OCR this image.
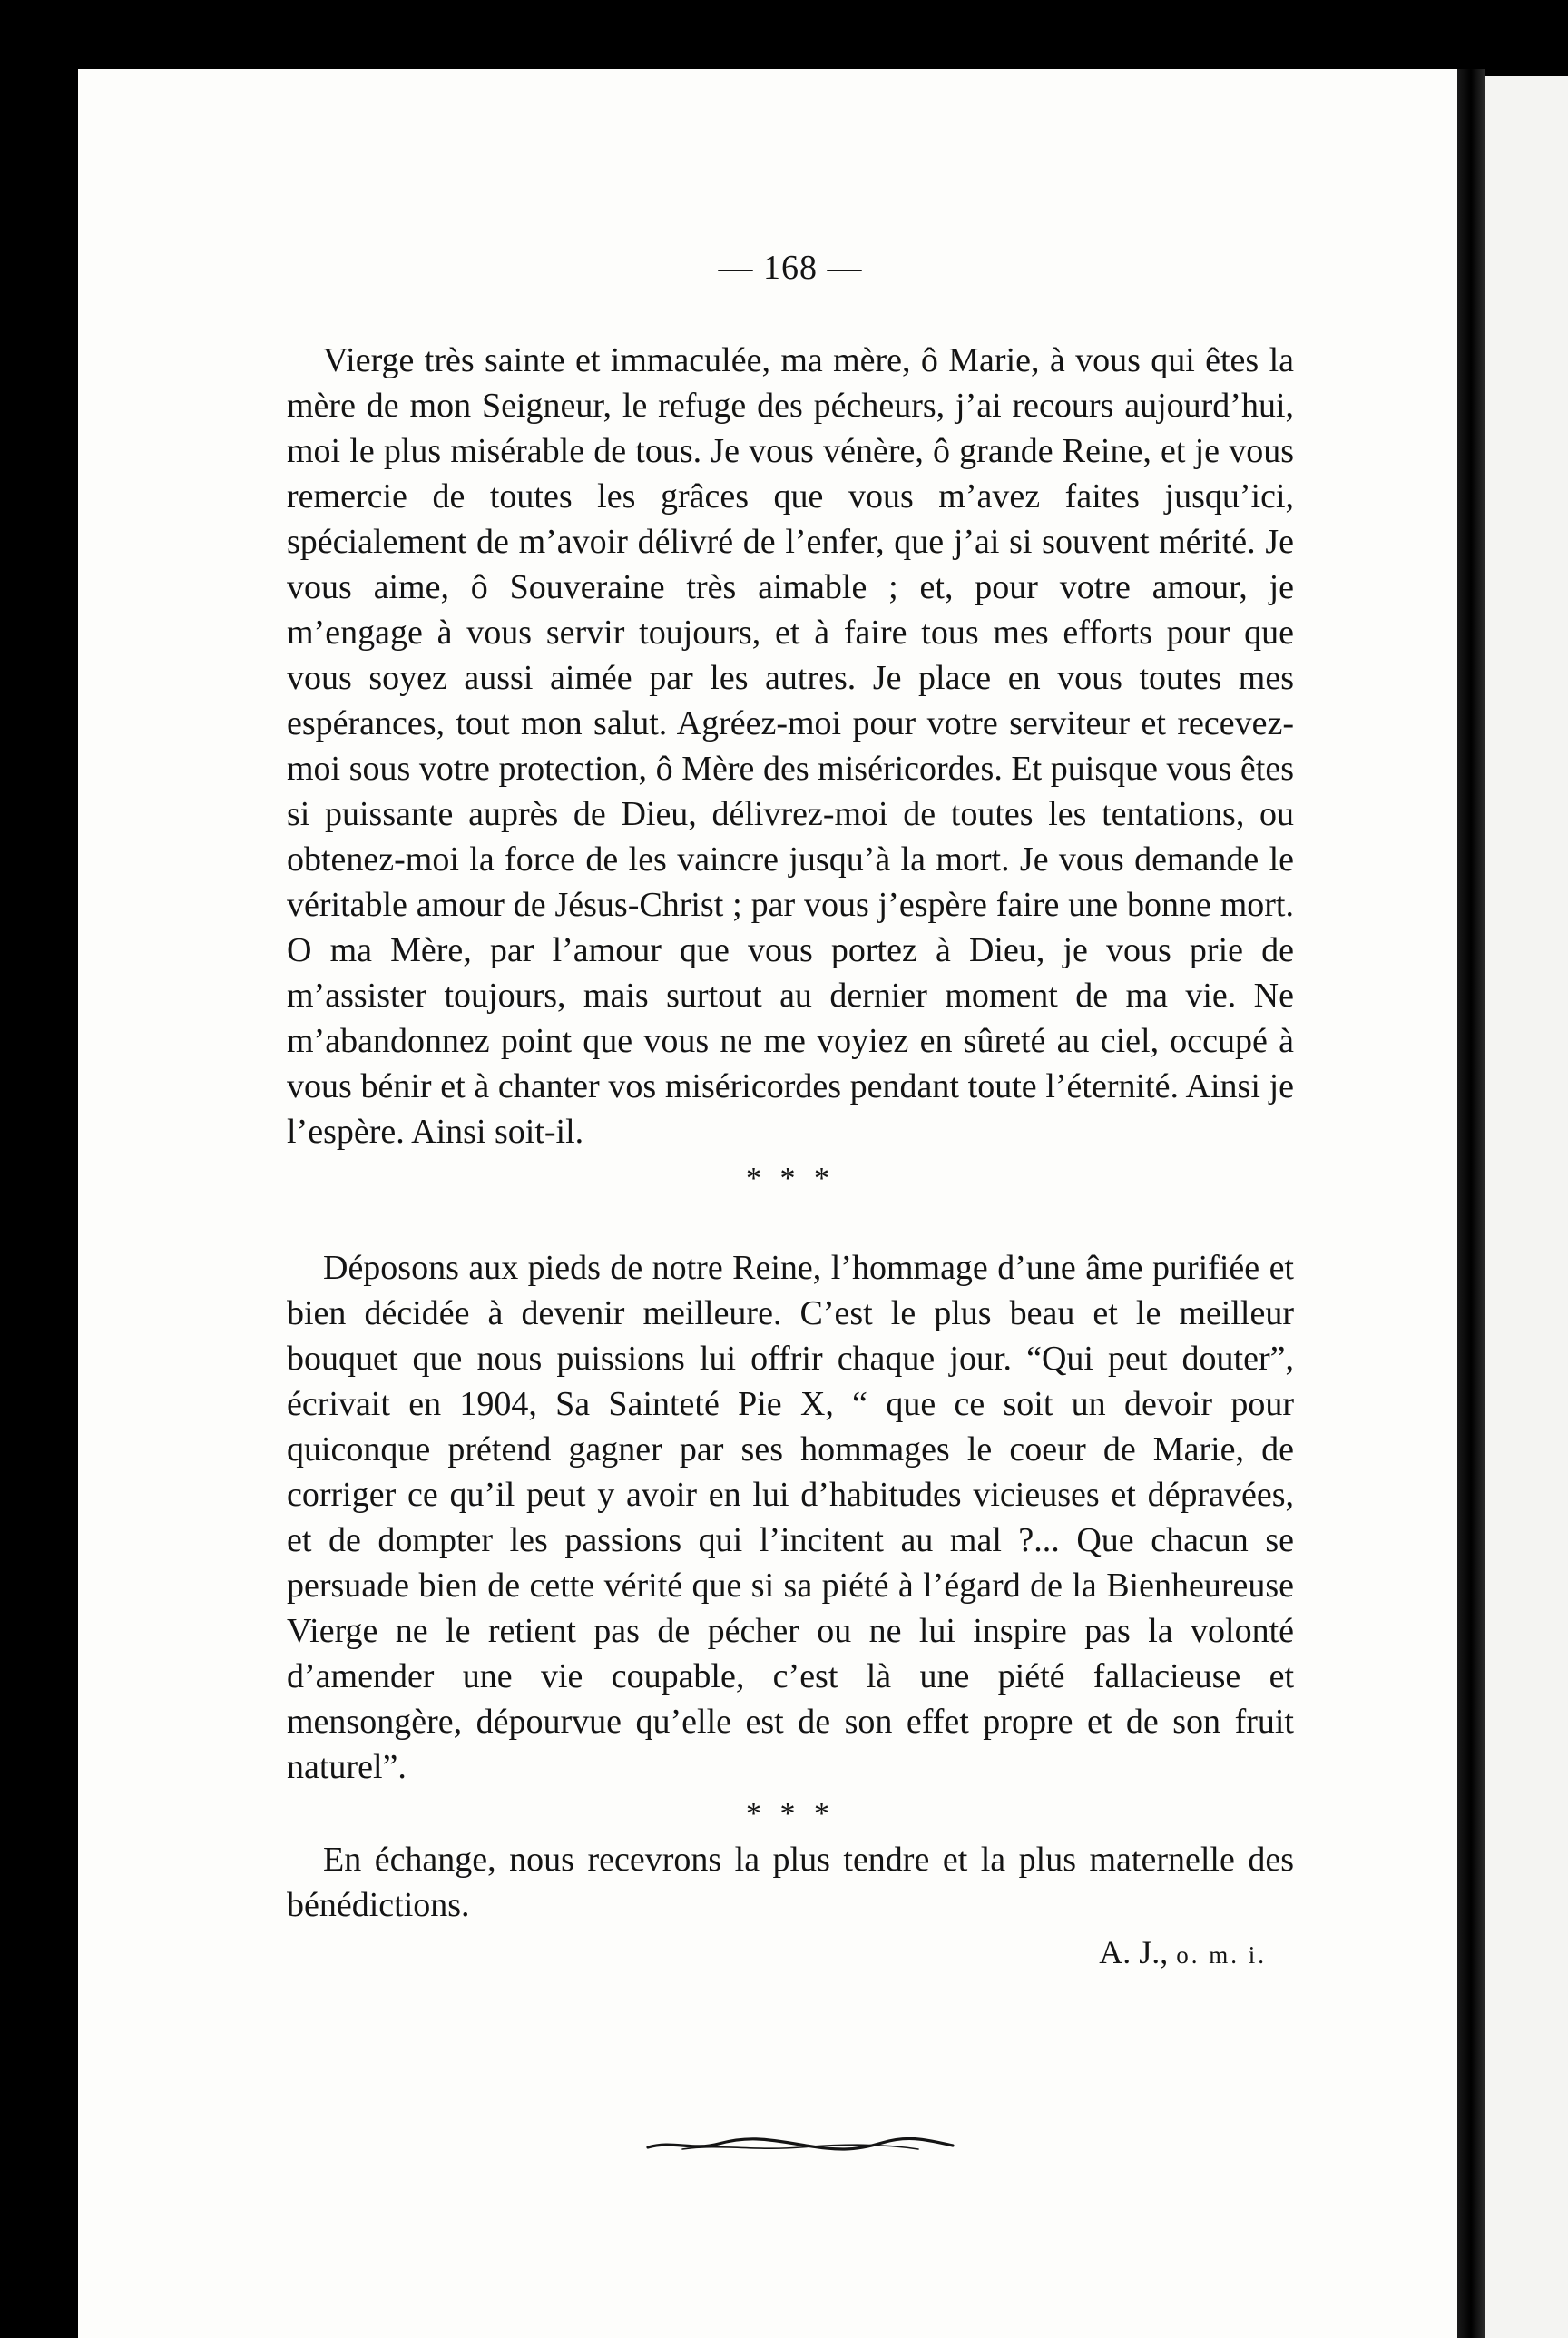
— 168 —

Vierge très sainte et immaculée, ma mère, ô Marie, à vous qui êtes la mère de mon Seigneur, le refuge des pécheurs, j’ai recours aujourd’hui, moi le plus misérable de tous. Je vous vénère, ô grande Reine, et je vous remercie de toutes les grâces que vous m’avez faites jusqu’ici, spécialement de m’avoir délivré de l’enfer, que j’ai si souvent mérité. Je vous aime, ô Souveraine très aimable ; et, pour votre amour, je m’engage à vous servir toujours, et à faire tous mes efforts pour que vous soyez aussi aimée par les autres. Je place en vous toutes mes espérances, tout mon salut. Agréez-moi pour votre serviteur et recevez-moi sous votre protection, ô Mère des miséricordes. Et puisque vous êtes si puissante auprès de Dieu, délivrez-moi de toutes les tentations, ou obtenez-moi la force de les vaincre jusqu’à la mort. Je vous demande le véritable amour de Jésus-Christ ; par vous j’espère faire une bonne mort. O ma Mère, par l’amour que vous portez à Dieu, je vous prie de m’assister toujours, mais surtout au dernier moment de ma vie. Ne m’abandonnez point que vous ne me voyiez en sûreté au ciel, occupé à vous bénir et à chanter vos miséricordes pendant toute l’éternité. Ainsi je l’espère. Ainsi soit-il.

* * *

Déposons aux pieds de notre Reine, l’hommage d’une âme purifiée et bien décidée à devenir meilleure. C’est le plus beau et le meilleur bouquet que nous puissions lui offrir chaque jour. “Qui peut douter”, écrivait en 1904, Sa Sainteté Pie X, “ que ce soit un devoir pour quiconque prétend gagner par ses hommages le coeur de Marie, de corriger ce qu’il peut y avoir en lui d’habitudes vicieuses et dépravées, et de dompter les passions qui l’incitent au mal ?... Que chacun se persuade bien de cette vérité que si sa piété à l’égard de la Bienheureuse Vierge ne le retient pas de pécher ou ne lui inspire pas la volonté d’amender une vie coupable, c’est là une piété fallacieuse et mensongère, dépourvue qu’elle est de son effet propre et de son fruit naturel”.

* * *

En échange, nous recevrons la plus tendre et la plus maternelle des bénédictions.

A. J., o. m. i.
